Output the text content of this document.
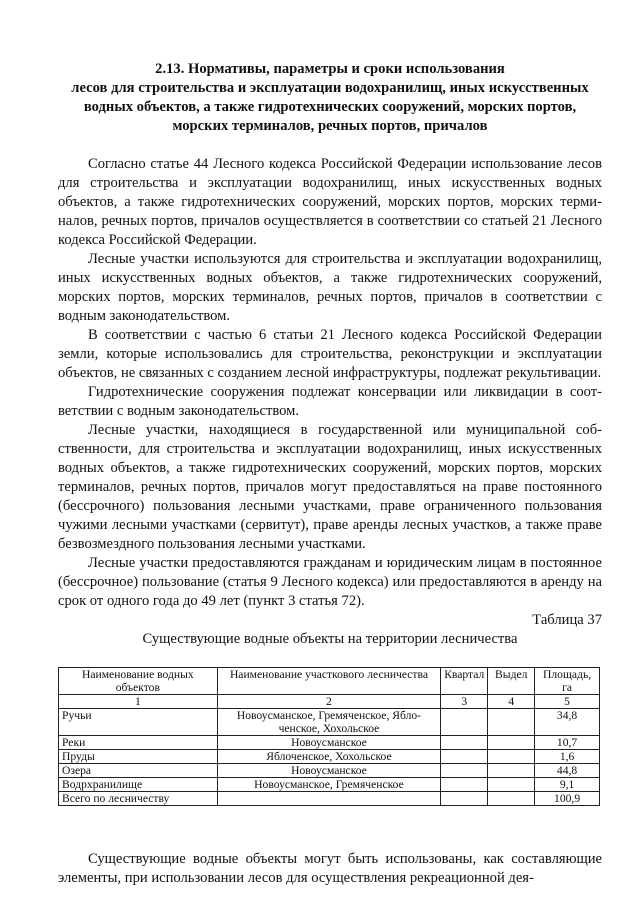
2.13. Нормативы, параметры и сроки использования
лесов для строительства и эксплуатации водохранилищ, иных искусственных
водных объектов, а также гидротехнических сооружений, морских портов,
морских терминалов, речных портов, причалов

Согласно статье 44 Лесного кодекса Российской Федерации использование лесов для строительства и эксплуатации водохранилищ, иных искусственных водных объектов, а также гидротехнических сооружений, морских портов, морских терминалов, речных портов, причалов осуществляется в соответствии со статьей 21 Лесного кодекса Российской Федерации.

Лесные участки используются для строительства и эксплуатации водохранилищ, иных искусственных водных объектов, а также гидротехнических сооружений, морских портов, морских терминалов, речных портов, причалов в соответствии с водным законодательством.

В соответствии с частью 6 статьи 21 Лесного кодекса Российской Федерации земли, которые использовались для строительства, реконструкции и эксплуатации объектов, не связанных с созданием лесной инфраструктуры, подлежат рекультивации.

Гидротехнические сооружения подлежат консервации или ликвидации в соответствии с водным законодательством.

Лесные участки, находящиеся в государственной или муниципальной собственности, для строительства и эксплуатации водохранилищ, иных искусственных водных объектов, а также гидротехнических сооружений, морских портов, морских терминалов, речных портов, причалов могут предоставляться на праве постоянного (бессрочного) пользования лесными участками, праве ограниченного пользования чужими лесными участками (сервитут), праве аренды лесных участков, а также праве безвозмездного пользования лесными участками.

Лесные участки предоставляются гражданам и юридическим лицам в постоянное (бессрочное) пользование (статья 9 Лесного кодекса) или предоставляются в аренду на срок от одного года до 49 лет (пункт 3 статья 72).

Таблица 37

Существующие водные объекты на территории лесничества

Наименование водных объектов	Наименование участкового лесничества	Квартал	Выдел	Площадь, га
1	2	3	4	5
Ручьи	Новоусманское, Гремяченское, Яблоченское, Хохольское			34,8
Реки	Новоусманское			10,7
Пруды	Яблоченское, Хохольское			1,6
Озера	Новоусманское			44,8
Водрхранилище	Новоусманское, Гремяченское			9,1
Всего по лесничеству				100,9

Существующие водные объекты могут быть использованы, как составляющие элементы, при использовании лесов для осуществления рекреационной дея-
